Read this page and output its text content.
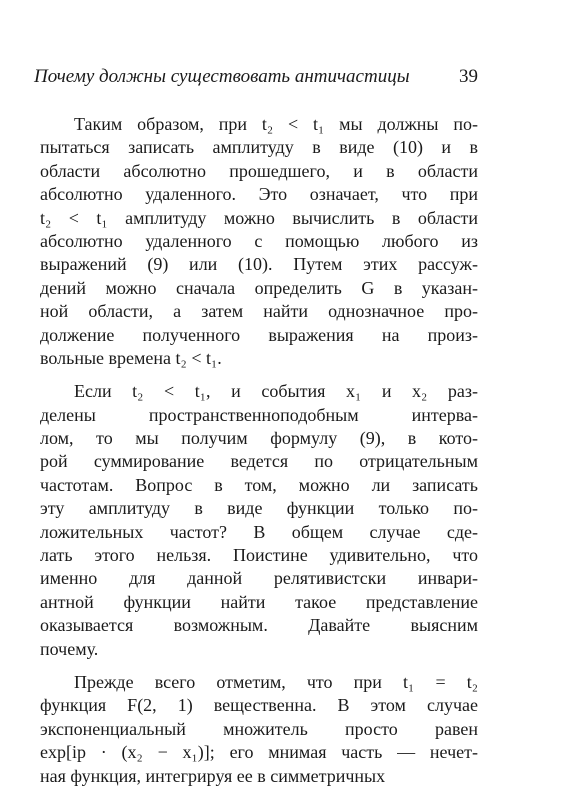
Почему должны существовать античастицы	39
Таким образом, при t₂ < t₁ мы должны по-
пытаться записать амплитуду в виде (10) и в
области абсолютно прошедшего, и в области
абсолютно удаленного. Это означает, что при
t₂ < t₁ амплитуду можно вычислить в области
абсолютно удаленного с помощью любого из
выражений (9) или (10). Путем этих рассуж-
дений можно сначала определить G в указан-
ной области, а затем найти однозначное про-
должение полученного выражения на произ-
вольные времена t₂ < t₁.
Если t₂ < t₁, и события x₁ и x₂ раз-
делены пространственноподобным интерва-
лом, то мы получим формулу (9), в кото-
рой суммирование ведется по отрицательным
частотам. Вопрос в том, можно ли записать
эту амплитуду в виде функции только по-
ложительных частот? В общем случае сде-
лать этого нельзя. Поистине удивительно, что
именно для данной релятивистски инвари-
антной функции найти такое представление
оказывается возможным. Давайте выясним
почему.
Прежде всего отметим, что при t₁ = t₂
функция F(2, 1) вещественна. В этом случае
экспоненциальный множитель просто равен
exp[ip · (x₂ − x₁)]; его мнимая часть — нечет-
ная функция, интегрируя ее в симметричных
